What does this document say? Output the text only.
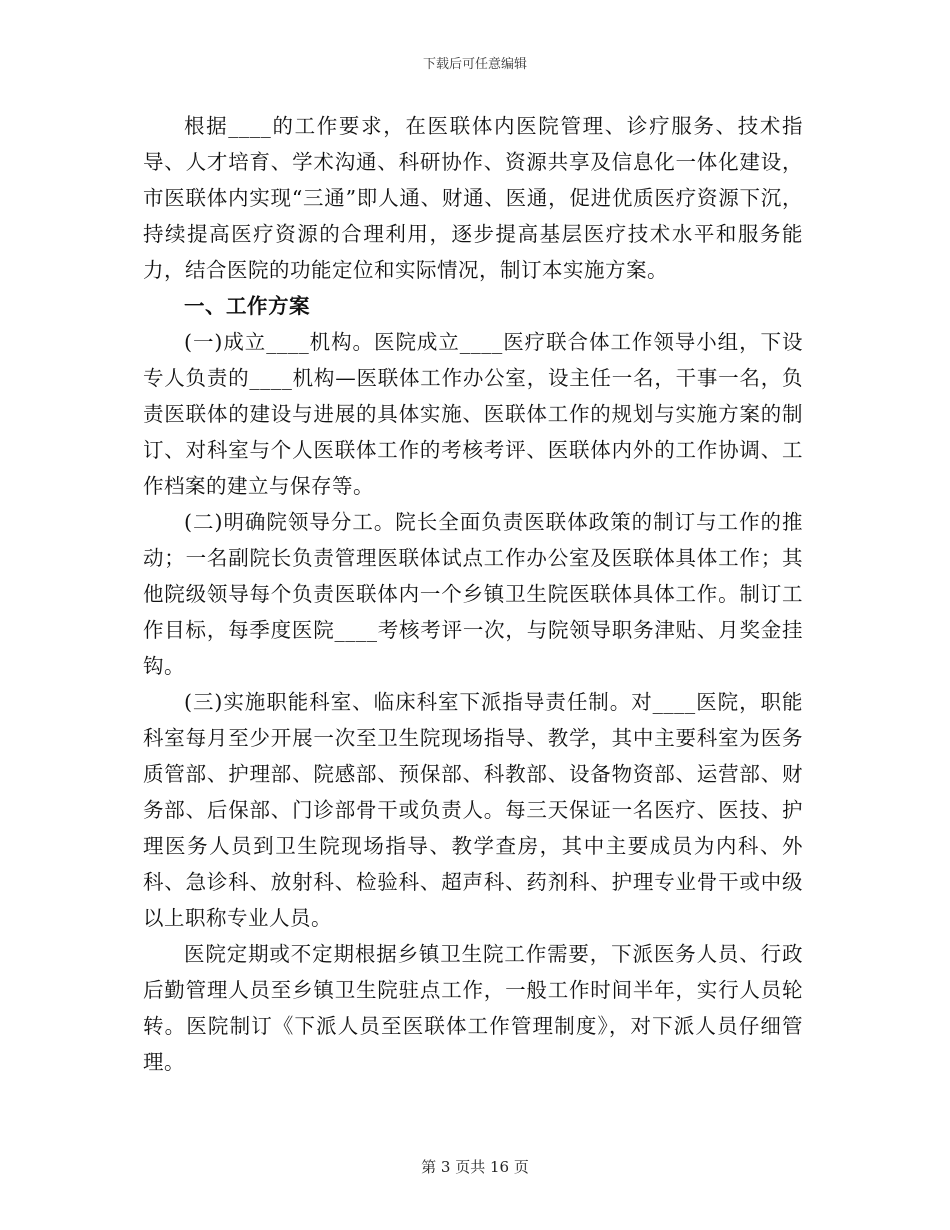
下载后可任意编辑

根据____的工作要求，在医联体内医院管理、诊疗服务、技术指导、人才培育、学术沟通、科研协作、资源共享及信息化一体化建设，市医联体内实现“三通”即人通、财通、医通，促进优质医疗资源下沉，持续提高医疗资源的合理利用，逐步提高基层医疗技术水平和服务能力，结合医院的功能定位和实际情况，制订本实施方案。

一、工作方案

(一)成立____机构。医院成立____医疗联合体工作领导小组，下设专人负责的____机构—医联体工作办公室，设主任一名，干事一名，负责医联体的建设与进展的具体实施、医联体工作的规划与实施方案的制订、对科室与个人医联体工作的考核考评、医联体内外的工作协调、工作档案的建立与保存等。

(二)明确院领导分工。院长全面负责医联体政策的制订与工作的推动；一名副院长负责管理医联体试点工作办公室及医联体具体工作；其他院级领导每个负责医联体内一个乡镇卫生院医联体具体工作。制订工作目标，每季度医院____考核考评一次，与院领导职务津贴、月奖金挂钩。

(三)实施职能科室、临床科室下派指导责任制。对____医院，职能科室每月至少开展一次至卫生院现场指导、教学，其中主要科室为医务质管部、护理部、院感部、预保部、科教部、设备物资部、运营部、财务部、后保部、门诊部骨干或负责人。每三天保证一名医疗、医技、护理医务人员到卫生院现场指导、教学查房，其中主要成员为内科、外科、急诊科、放射科、检验科、超声科、药剂科、护理专业骨干或中级以上职称专业人员。

医院定期或不定期根据乡镇卫生院工作需要，下派医务人员、行政后勤管理人员至乡镇卫生院驻点工作，一般工作时间半年，实行人员轮转。医院制订《下派人员至医联体工作管理制度》，对下派人员仔细管理。

第 3 页共 16 页
